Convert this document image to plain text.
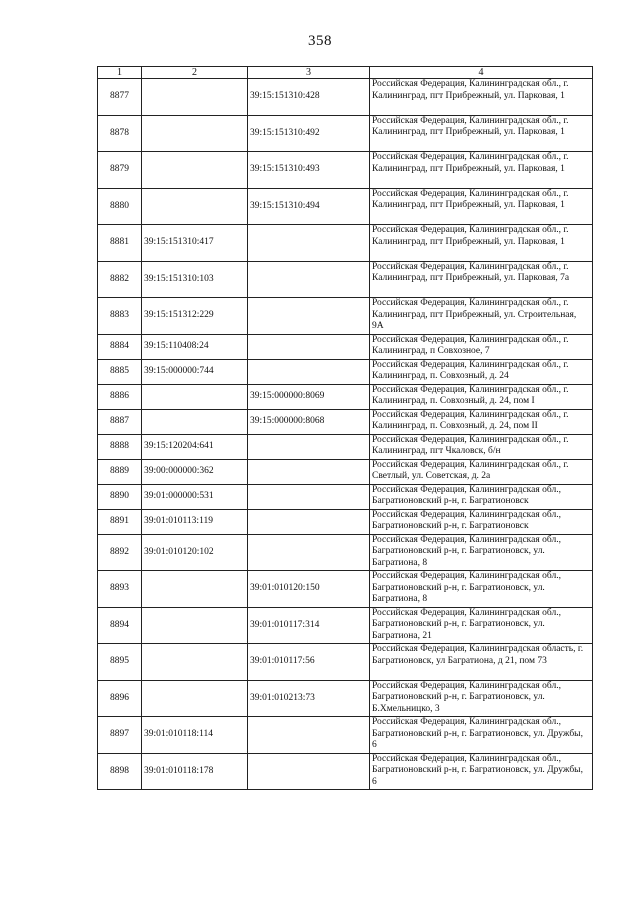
358
1	2	3	4
8877		39:15:151310:428	Российская Федерация, Калининградская обл., г. Калининград, пгт Прибрежный, ул. Парковая, 1
8878		39:15:151310:492	Российская Федерация, Калининградская обл., г. Калининград, пгт Прибрежный, ул. Парковая, 1
8879		39:15:151310:493	Российская Федерация, Калининградская обл., г. Калининград, пгт Прибрежный, ул. Парковая, 1
8880		39:15:151310:494	Российская Федерация, Калининградская обл., г. Калининград, пгт Прибрежный, ул. Парковая, 1
8881	39:15:151310:417		Российская Федерация, Калининградская обл., г. Калининград, пгт Прибрежный, ул. Парковая, 1
8882	39:15:151310:103		Российская Федерация, Калининградская обл., г. Калининград, пгт Прибрежный, ул. Парковая, 7а
8883	39:15:151312:229		Российская Федерация, Калининградская обл., г. Калининград, пгт Прибрежный, ул. Строительная, 9А
8884	39:15:110408:24		Российская Федерация, Калининградская обл., г. Калининград, п Совхозное, 7
8885	39:15:000000:744		Российская Федерация, Калининградская обл., г. Калининград, п. Совхозный, д. 24
8886		39:15:000000:8069	Российская Федерация, Калининградская обл., г. Калининград, п. Совхозный, д. 24, пом I
8887		39:15:000000:8068	Российская Федерация, Калининградская обл., г. Калининград, п. Совхозный, д. 24, пом II
8888	39:15:120204:641		Российская Федерация, Калининградская обл., г. Калининград, пгт Чкаловск, б/н
8889	39:00:000000:362		Российская Федерация, Калининградская обл., г. Светлый, ул. Советская, д. 2а
8890	39:01:000000:531		Российская Федерация, Калининградская обл., Багратионовский р-н, г. Багратионовск
8891	39:01:010113:119		Российская Федерация, Калининградская обл., Багратионовский р-н, г. Багратионовск
8892	39:01:010120:102		Российская Федерация, Калининградская обл., Багратионовский р-н, г. Багратионовск, ул. Багратиона, 8
8893		39:01:010120:150	Российская Федерация, Калининградская обл., Багратионовский р-н, г. Багратионовск, ул. Багратиона, 8
8894		39:01:010117:314	Российская Федерация, Калининградская обл., Багратионовский р-н, г. Багратионовск, ул. Багратиона, 21
8895		39:01:010117:56	Российская Федерация, Калининградская область, г. Багратионовск, ул Багратиона, д 21, пом 73
8896		39:01:010213:73	Российская Федерация, Калининградская обл., Багратионовский р-н, г. Багратионовск, ул. Б.Хмельницко, 3
8897	39:01:010118:114		Российская Федерация, Калининградская обл., Багратионовский р-н, г. Багратионовск, ул. Дружбы, 6
8898	39:01:010118:178		Российская Федерация, Калининградская обл., Багратионовский р-н, г. Багратионовск, ул. Дружбы, 6
